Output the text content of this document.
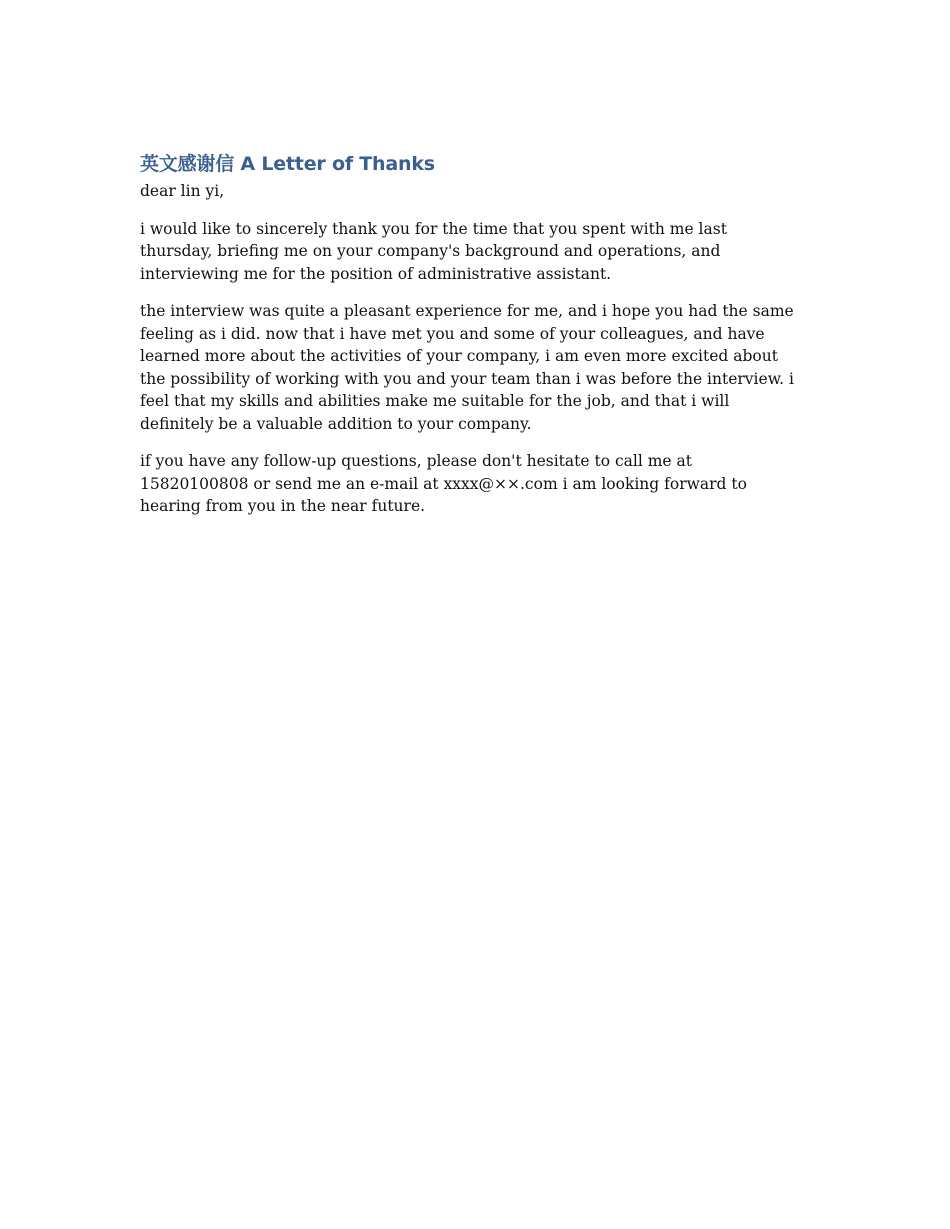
英文感谢信 A Letter of Thanks

dear lin yi,

i would like to sincerely thank you for the time that you spent with me last thursday, briefing me on your company's background and operations, and interviewing me for the position of administrative assistant.

the interview was quite a pleasant experience for me, and i hope you had the same feeling as i did. now that i have met you and some of your colleagues, and have learned more about the activities of your company, i am even more excited about the possibility of working with you and your team than i was before the interview. i feel that my skills and abilities make me suitable for the job, and that i will definitely be a valuable addition to your company.

if you have any follow-up questions, please don't hesitate to call me at 15820100808 or send me an e-mail at xxxx@××.com i am looking forward to hearing from you in the near future.
